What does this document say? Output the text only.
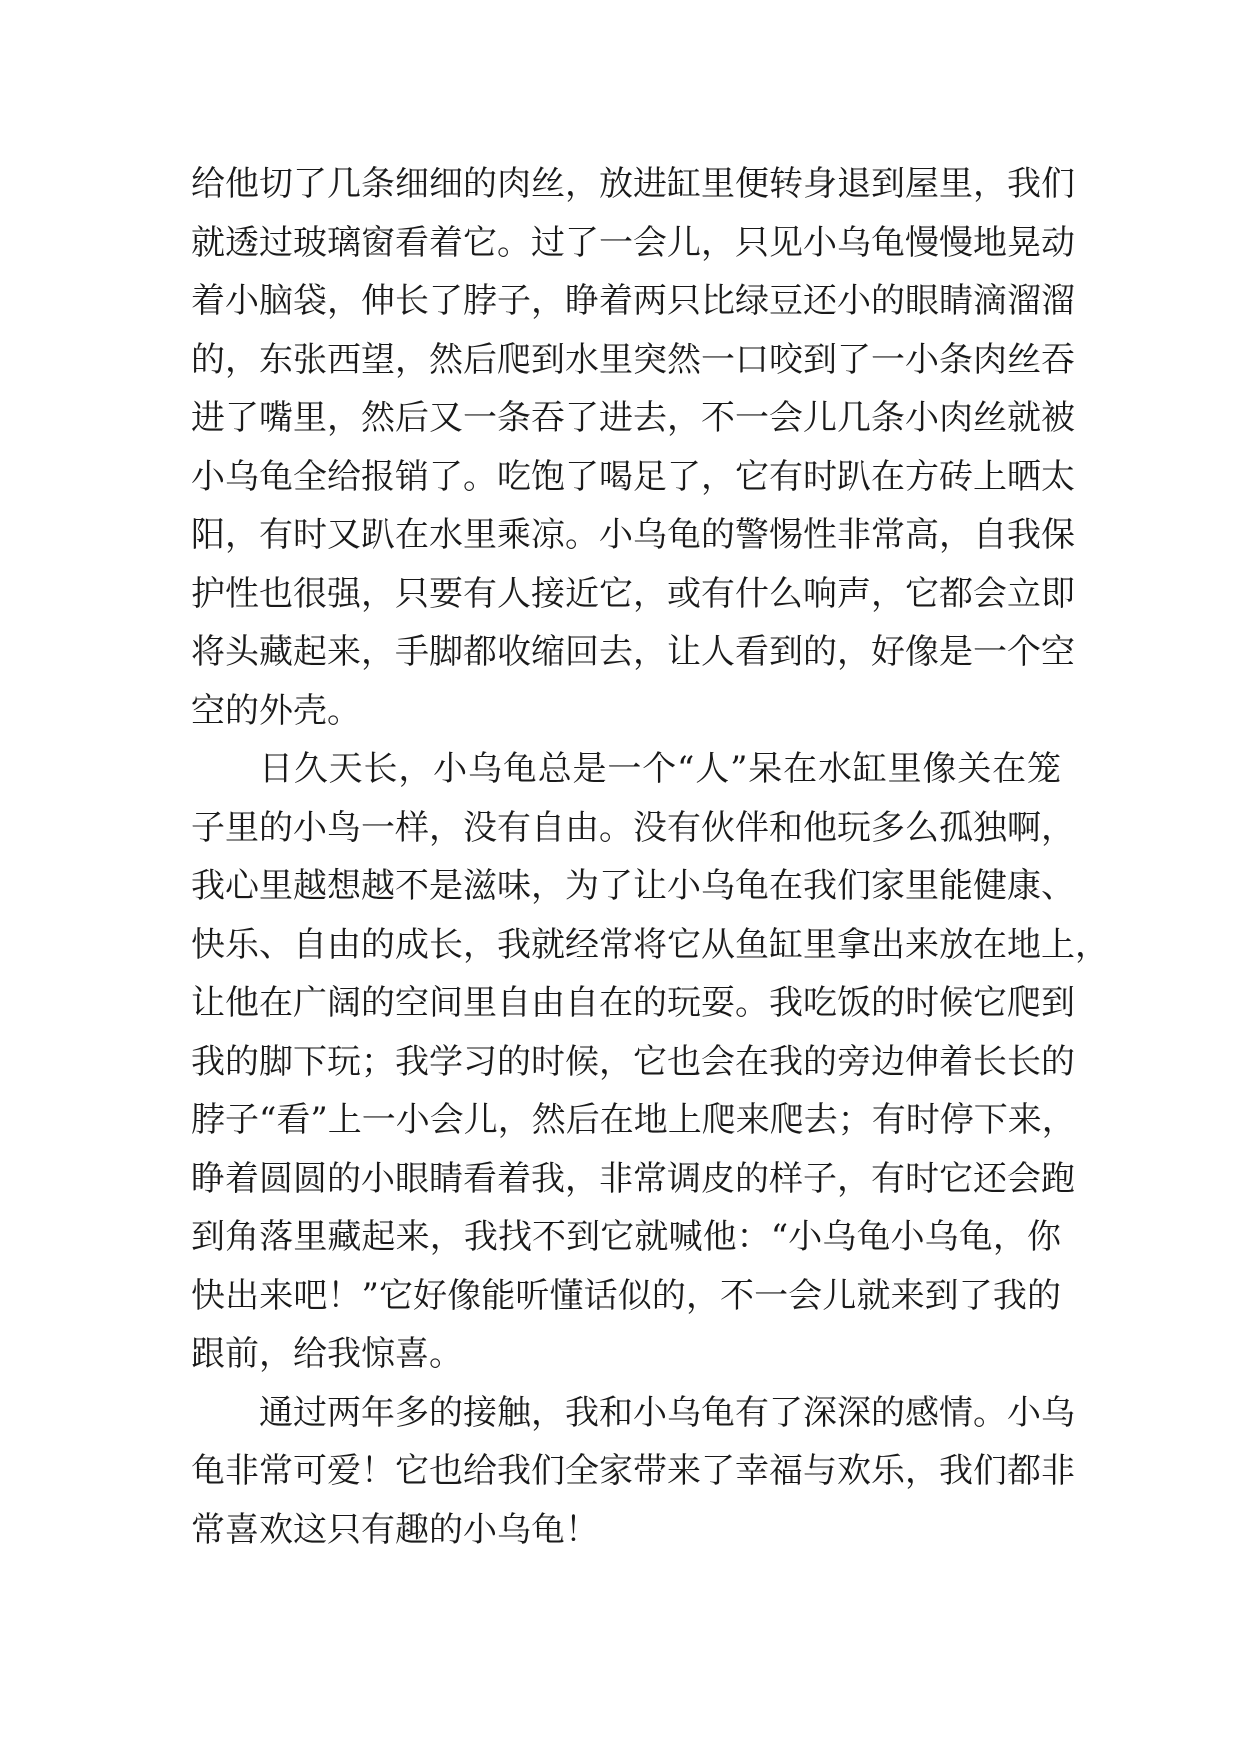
给他切了几条细细的肉丝，放进缸里便转身退到屋里，我们
就透过玻璃窗看着它。过了一会儿，只见小乌龟慢慢地晃动
着小脑袋，伸长了脖子，睁着两只比绿豆还小的眼睛滴溜溜
的，东张西望，然后爬到水里突然一口咬到了一小条肉丝吞
进了嘴里，然后又一条吞了进去，不一会儿几条小肉丝就被
小乌龟全给报销了。吃饱了喝足了，它有时趴在方砖上晒太
阳，有时又趴在水里乘凉。小乌龟的警惕性非常高，自我保
护性也很强，只要有人接近它，或有什么响声，它都会立即
将头藏起来，手脚都收缩回去，让人看到的，好像是一个空
空的外壳。
日久天长，小乌龟总是一个“人”呆在水缸里像关在笼
子里的小鸟一样，没有自由。没有伙伴和他玩多么孤独啊，
我心里越想越不是滋味，为了让小乌龟在我们家里能健康、
快乐、自由的成长，我就经常将它从鱼缸里拿出来放在地上，
让他在广阔的空间里自由自在的玩耍。我吃饭的时候它爬到
我的脚下玩；我学习的时候，它也会在我的旁边伸着长长的
脖子“看”上一小会儿，然后在地上爬来爬去；有时停下来，
睁着圆圆的小眼睛看着我，非常调皮的样子，有时它还会跑
到角落里藏起来，我找不到它就喊他：“小乌龟小乌龟，你
快出来吧！”它好像能听懂话似的，不一会儿就来到了我的
跟前，给我惊喜。
通过两年多的接触，我和小乌龟有了深深的感情。小乌
龟非常可爱！它也给我们全家带来了幸福与欢乐，我们都非
常喜欢这只有趣的小乌龟！
